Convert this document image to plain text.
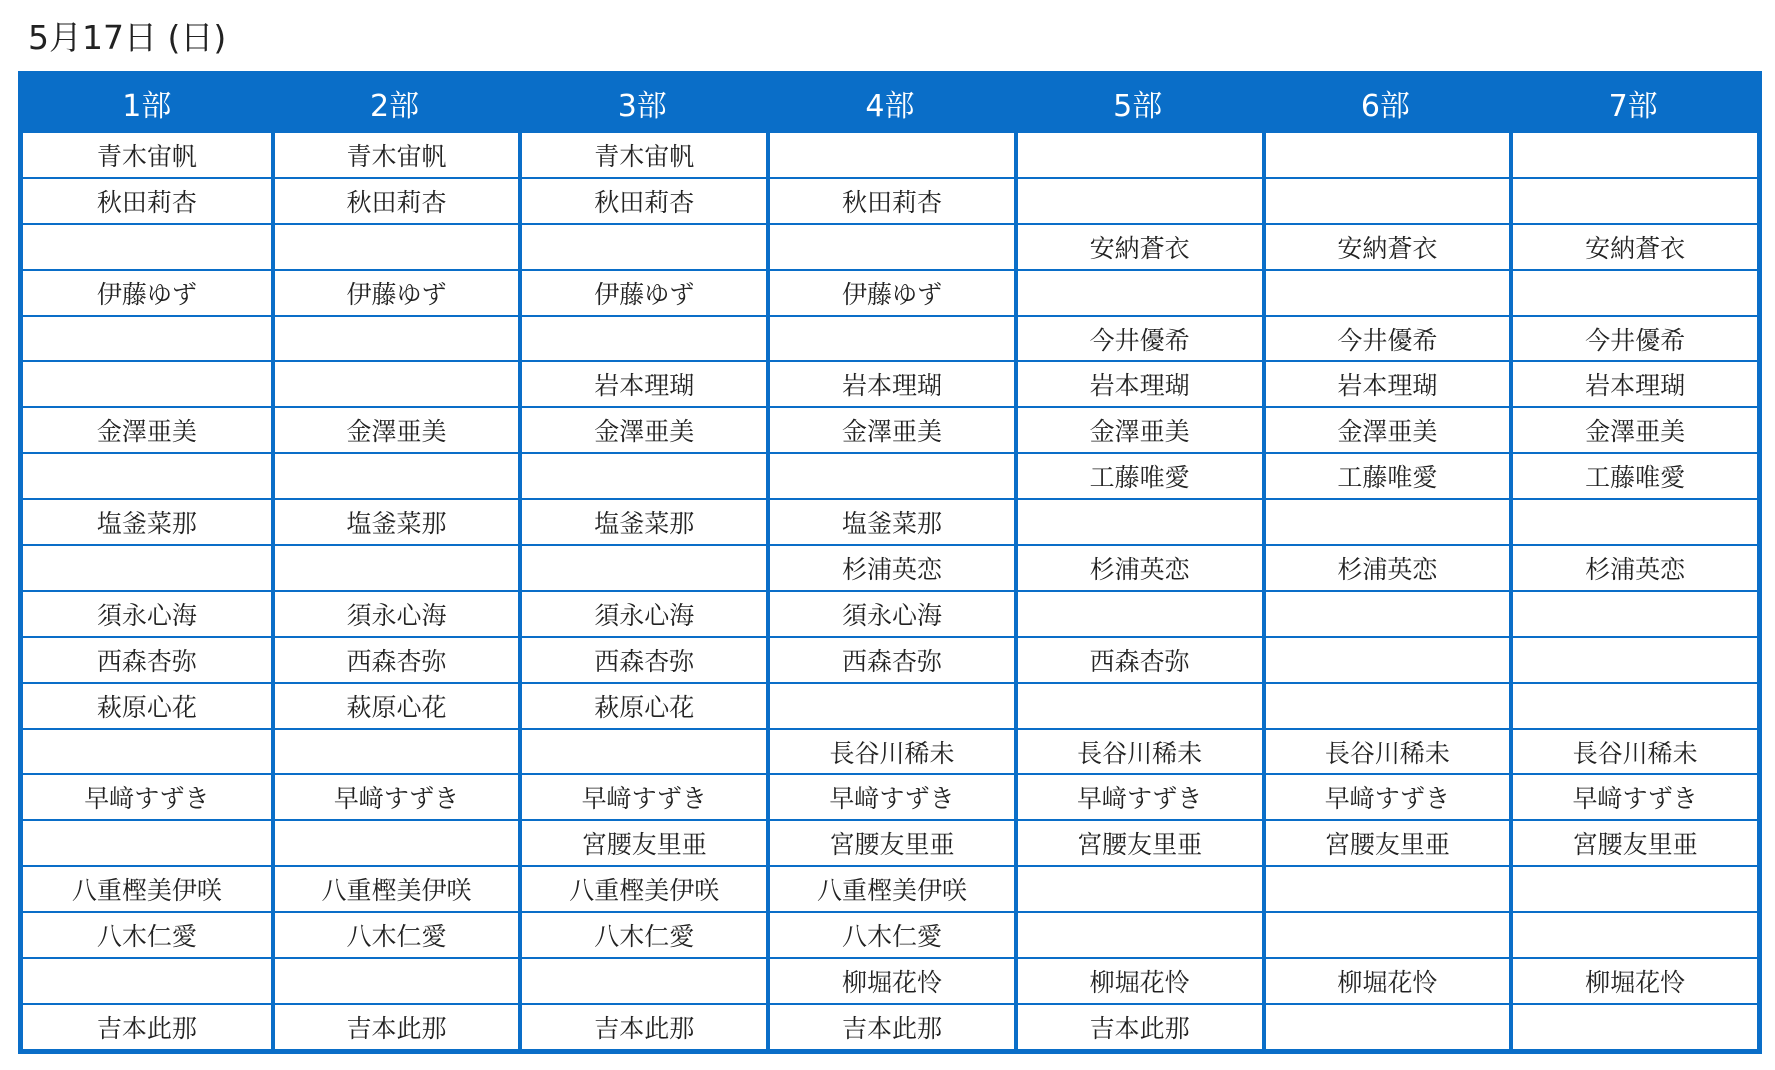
5月17日 (日)
1部	2部	3部	4部	5部	6部	7部
青木宙帆	青木宙帆	青木宙帆				
秋田莉杏	秋田莉杏	秋田莉杏	秋田莉杏			
				安納蒼衣	安納蒼衣	安納蒼衣
伊藤ゆず	伊藤ゆず	伊藤ゆず	伊藤ゆず			
				今井優希	今井優希	今井優希
		岩本理瑚	岩本理瑚	岩本理瑚	岩本理瑚	岩本理瑚
金澤亜美	金澤亜美	金澤亜美	金澤亜美	金澤亜美	金澤亜美	金澤亜美
				工藤唯愛	工藤唯愛	工藤唯愛
塩釜菜那	塩釜菜那	塩釜菜那	塩釜菜那			
			杉浦英恋	杉浦英恋	杉浦英恋	杉浦英恋
須永心海	須永心海	須永心海	須永心海			
西森杏弥	西森杏弥	西森杏弥	西森杏弥	西森杏弥		
萩原心花	萩原心花	萩原心花				
			長谷川稀未	長谷川稀未	長谷川稀未	長谷川稀未
早﨑すずき	早﨑すずき	早﨑すずき	早﨑すずき	早﨑すずき	早﨑すずき	早﨑すずき
		宮腰友里亜	宮腰友里亜	宮腰友里亜	宮腰友里亜	宮腰友里亜
八重樫美伊咲	八重樫美伊咲	八重樫美伊咲	八重樫美伊咲			
八木仁愛	八木仁愛	八木仁愛	八木仁愛			
			柳堀花怜	柳堀花怜	柳堀花怜	柳堀花怜
吉本此那	吉本此那	吉本此那	吉本此那	吉本此那		
